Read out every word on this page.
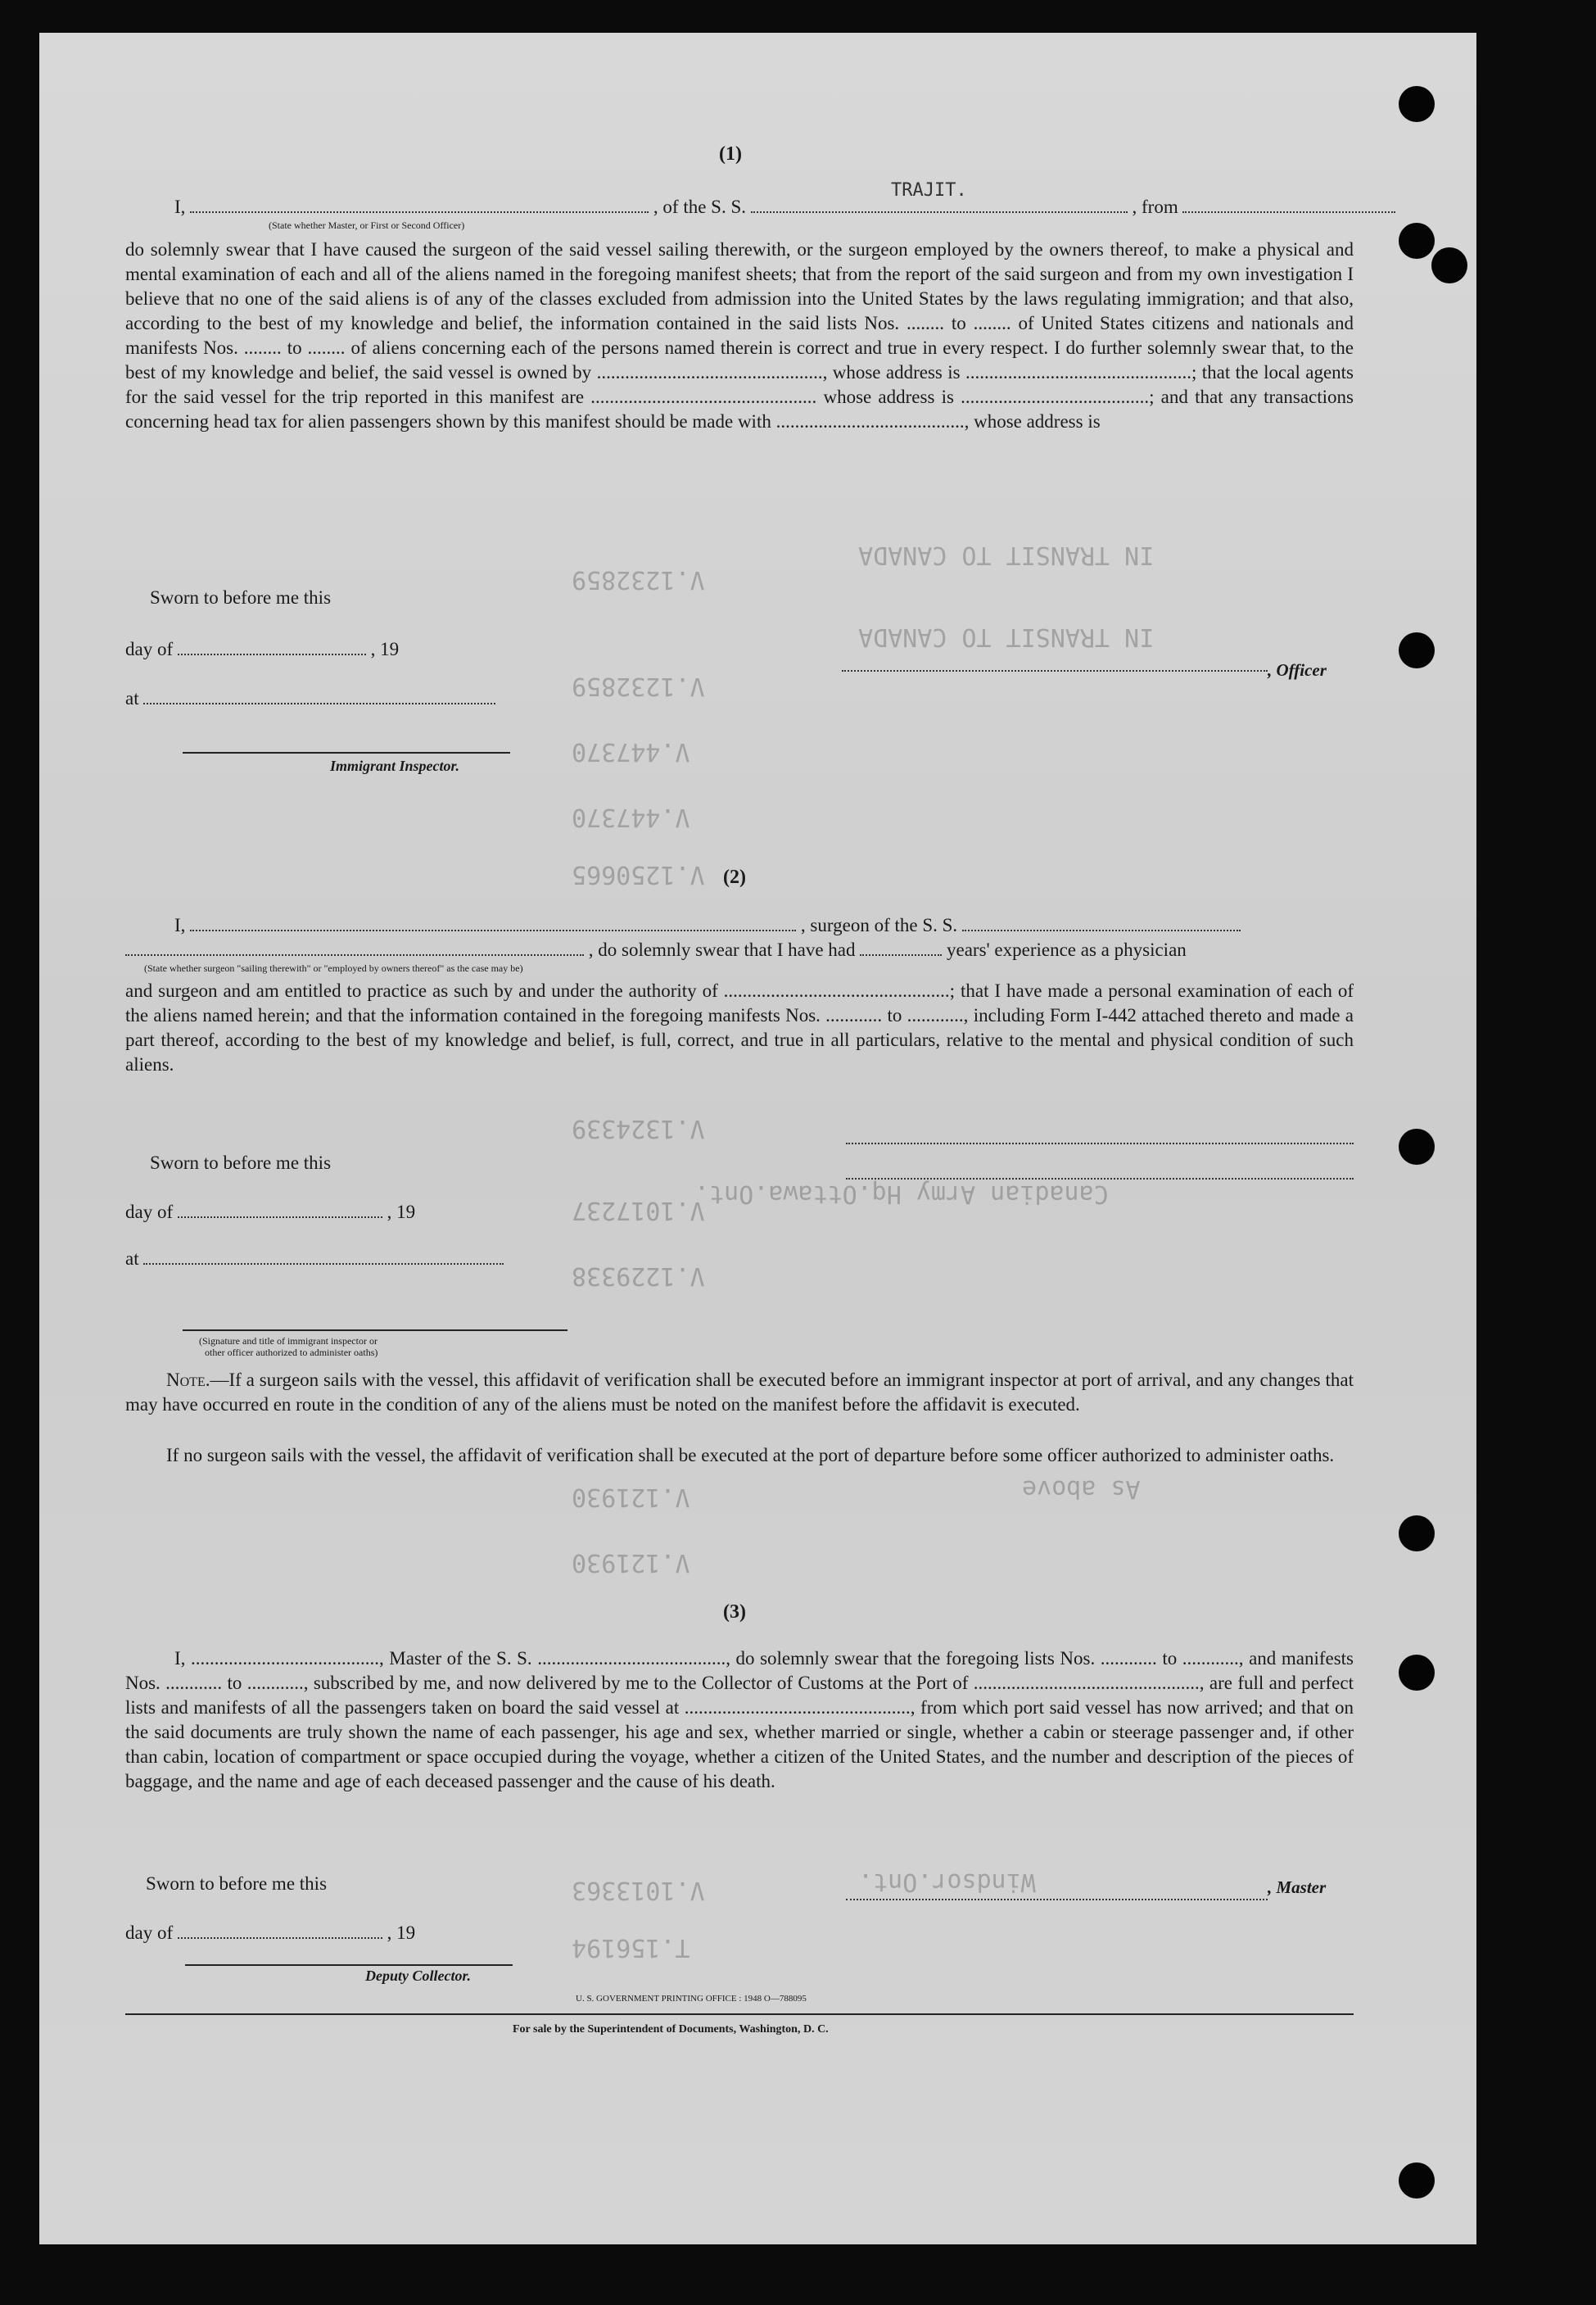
V.1232859
V.1232859
V.447370
V.447370
V.1250665
V.1324339
V.1017237
V.1229338
V.121930
V.121930
V.1013363
T.156194
IN TRANSIT TO CANADA
IN TRANSIT TO CANADA
Canadian Army Hq.Ottawa.Ont.
As above
Windsor.Ont.
(1)
I,	, of the S. S.	, from
TRAJIT.
(State whether Master, or First or Second Officer)
do solemnly swear that I have caused the surgeon of the said vessel sailing therewith, or the surgeon employed by the owners thereof, to make a physical and mental examination of each and all of the aliens named in the foregoing manifest sheets; that from the report of the said surgeon and from my own investigation I believe that no one of the said aliens is of any of the classes excluded from admission into the United States by the laws regulating immigration; and that also, according to the best of my knowledge and belief, the information contained in the said lists Nos. ........ to ........ of United States citizens and nationals and manifests Nos. ........ to ........ of aliens concerning each of the persons named therein is correct and true in every respect. I do further solemnly swear that, to the best of my knowledge and belief, the said vessel is owned by ................................................, whose address is ................................................; that the local agents for the said vessel for the trip reported in this manifest are ................................................ whose address is ........................................; and that any transactions concerning head tax for alien passengers shown by this manifest should be made with ........................................, whose address is
Sworn to before me this
day of	, 19
at
, Officer
Immigrant Inspector.
(2)
I,	, surgeon of the S. S.
, do solemnly swear that I have had	years' experience as a physician
(State whether surgeon "sailing therewith" or "employed by owners thereof" as the case may be)
and surgeon and am entitled to practice as such by and under the authority of ................................................; that I have made a personal examination of each of the aliens named herein; and that the information contained in the foregoing manifests Nos. ............ to ............, including Form I-442 attached thereto and made a part thereof, according to the best of my knowledge and belief, is full, correct, and true in all particulars, relative to the mental and physical condition of such aliens.
Sworn to before me this
day of	, 19
at
(Signature and title of immigrant inspector or
other officer authorized to administer oaths)
Note.—If a surgeon sails with the vessel, this affidavit of verification shall be executed before an immigrant inspector at port of arrival, and any changes that may have occurred en route in the condition of any of the aliens must be noted on the manifest before the affidavit is executed.
If no surgeon sails with the vessel, the affidavit of verification shall be executed at the port of departure before some officer authorized to administer oaths.
(3)
I, ........................................, Master of the S. S. ........................................, do solemnly swear that the foregoing lists Nos. ............ to ............, and manifests Nos. ............ to ............, subscribed by me, and now delivered by me to the Collector of Customs at the Port of ................................................, are full and perfect lists and manifests of all the passengers taken on board the said vessel at ................................................, from which port said vessel has now arrived; and that on the said documents are truly shown the name of each passenger, his age and sex, whether married or single, whether a cabin or steerage passenger and, if other than cabin, location of compartment or space occupied during the voyage, whether a citizen of the United States, and the number and description of the pieces of baggage, and the name and age of each deceased passenger and the cause of his death.
Sworn to before me this
day of	, 19
, Master
Deputy Collector.
U. S. GOVERNMENT PRINTING OFFICE : 1948 O—788095
For sale by the Superintendent of Documents, Washington, D. C.
